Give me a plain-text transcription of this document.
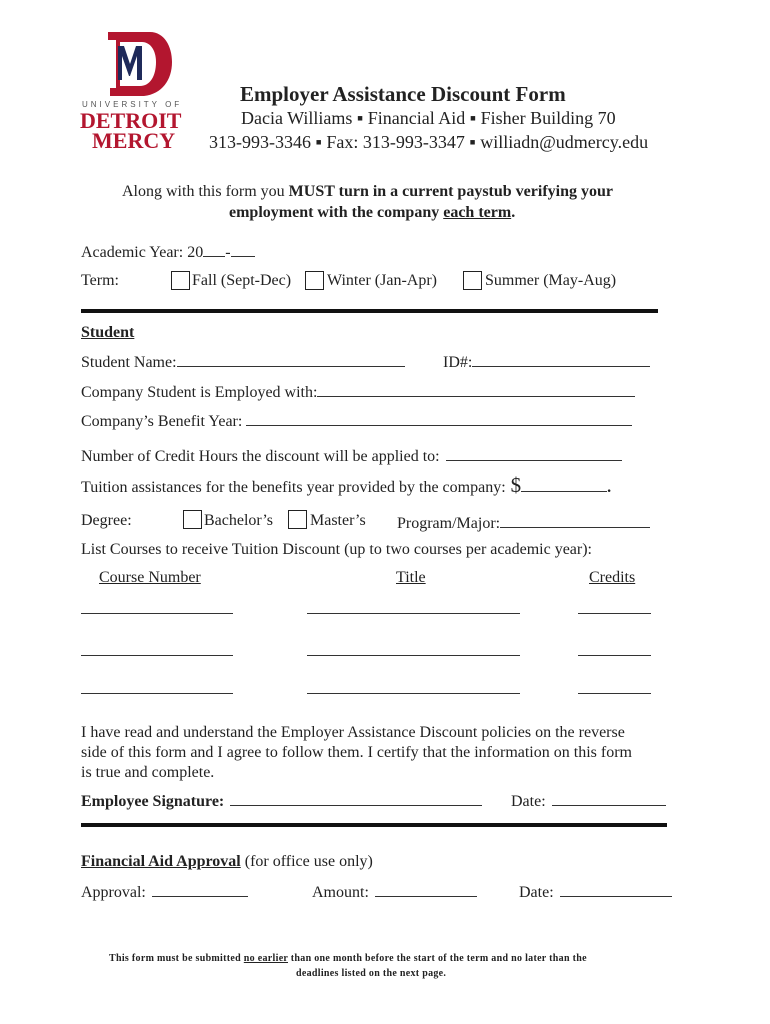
UNIVERSITY OF
DETROIT
MERCY
Employer Assistance Discount Form
Dacia Williams ▪ Financial Aid ▪ Fisher Building 70
313-993-3346 ▪ Fax: 313-993-3347 ▪ williadn@udmercy.edu
Along with this form you MUST turn in a current paystub verifying your
employment with the company each term.
Academic Year: 20 -
Term:	Fall (Sept-Dec) Winter (Jan-Apr)	Summer (May-Aug)
Student
Student Name:	ID#:
Company Student is Employed with:
Company’s Benefit Year:
Number of Credit Hours the discount will be applied to:
Tuition assistances for the benefits year provided by the company: $	.
Degree:	Bachelor’s Master’s Program/Major:
List Courses to receive Tuition Discount (up to two courses per academic year):
Course Number	Title	Credits
I have read and understand the Employer Assistance Discount policies on the reverse
side of this form and I agree to follow them. I certify that the information on this form
is true and complete.
Employee Signature:	Date:
Financial Aid Approval (for office use only)
Approval:	Amount:	Date:
This form must be submitted no earlier than one month before the start of the term and no later than the
deadlines listed on the next page.
